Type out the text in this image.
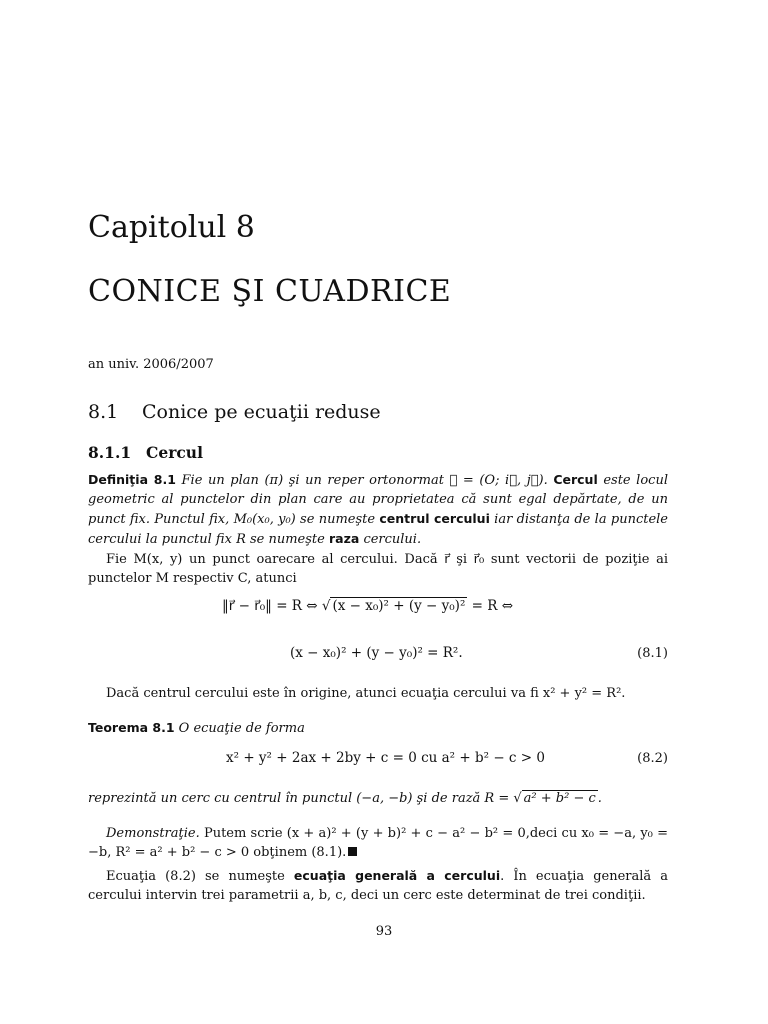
Capitolul 8
CONICE ŞI CUADRICE
an univ. 2006/2007
8.1 Conice pe ecuaţii reduse
8.1.1 Cercul
Definiţia 8.1 Fie un plan (π) şi un reper ortonormat ℛ = (O; i⃗, j⃗). Cercul este locul geometric al punctelor din plan care au proprietatea că sunt egal depărtate, de un punct fix. Punctul fix, M₀(x₀, y₀) se numeşte centrul cercului iar distanţa de la punctele cercului la punctul fix R se numeşte raza cercului.
Fie M(x, y) un punct oarecare al cercului. Dacă r⃗ şi r⃗₀ sunt vectorii de poziţie ai punctelor M respectiv C, atunci
‖r⃗ − r⃗₀‖ = R ⇔ √ (x − x₀)² + (y − y₀)² = R ⇔
(x − x₀)² + (y − y₀)² = R².	(8.1)
Dacă centrul cercului este în origine, atunci ecuaţia cercului va fi x² + y² = R².
Teorema 8.1 O ecuaţie de forma
x² + y² + 2ax + 2by + c = 0 cu a² + b² − c > 0	(8.2)
reprezintă un cerc cu centrul în punctul (−a, −b) şi de rază R = √ a² + b² − c .
Demonstraţie. Putem scrie (x + a)² + (y + b)² + c − a² − b² = 0,deci cu x₀ = −a, y₀ = −b, R² = a² + b² − c > 0 obţinem (8.1).
Ecuaţia (8.2) se numeşte ecuaţia generală a cercului. În ecuaţia generală a cercului intervin trei parametrii a, b, c, deci un cerc este determinat de trei condiţii.
93
